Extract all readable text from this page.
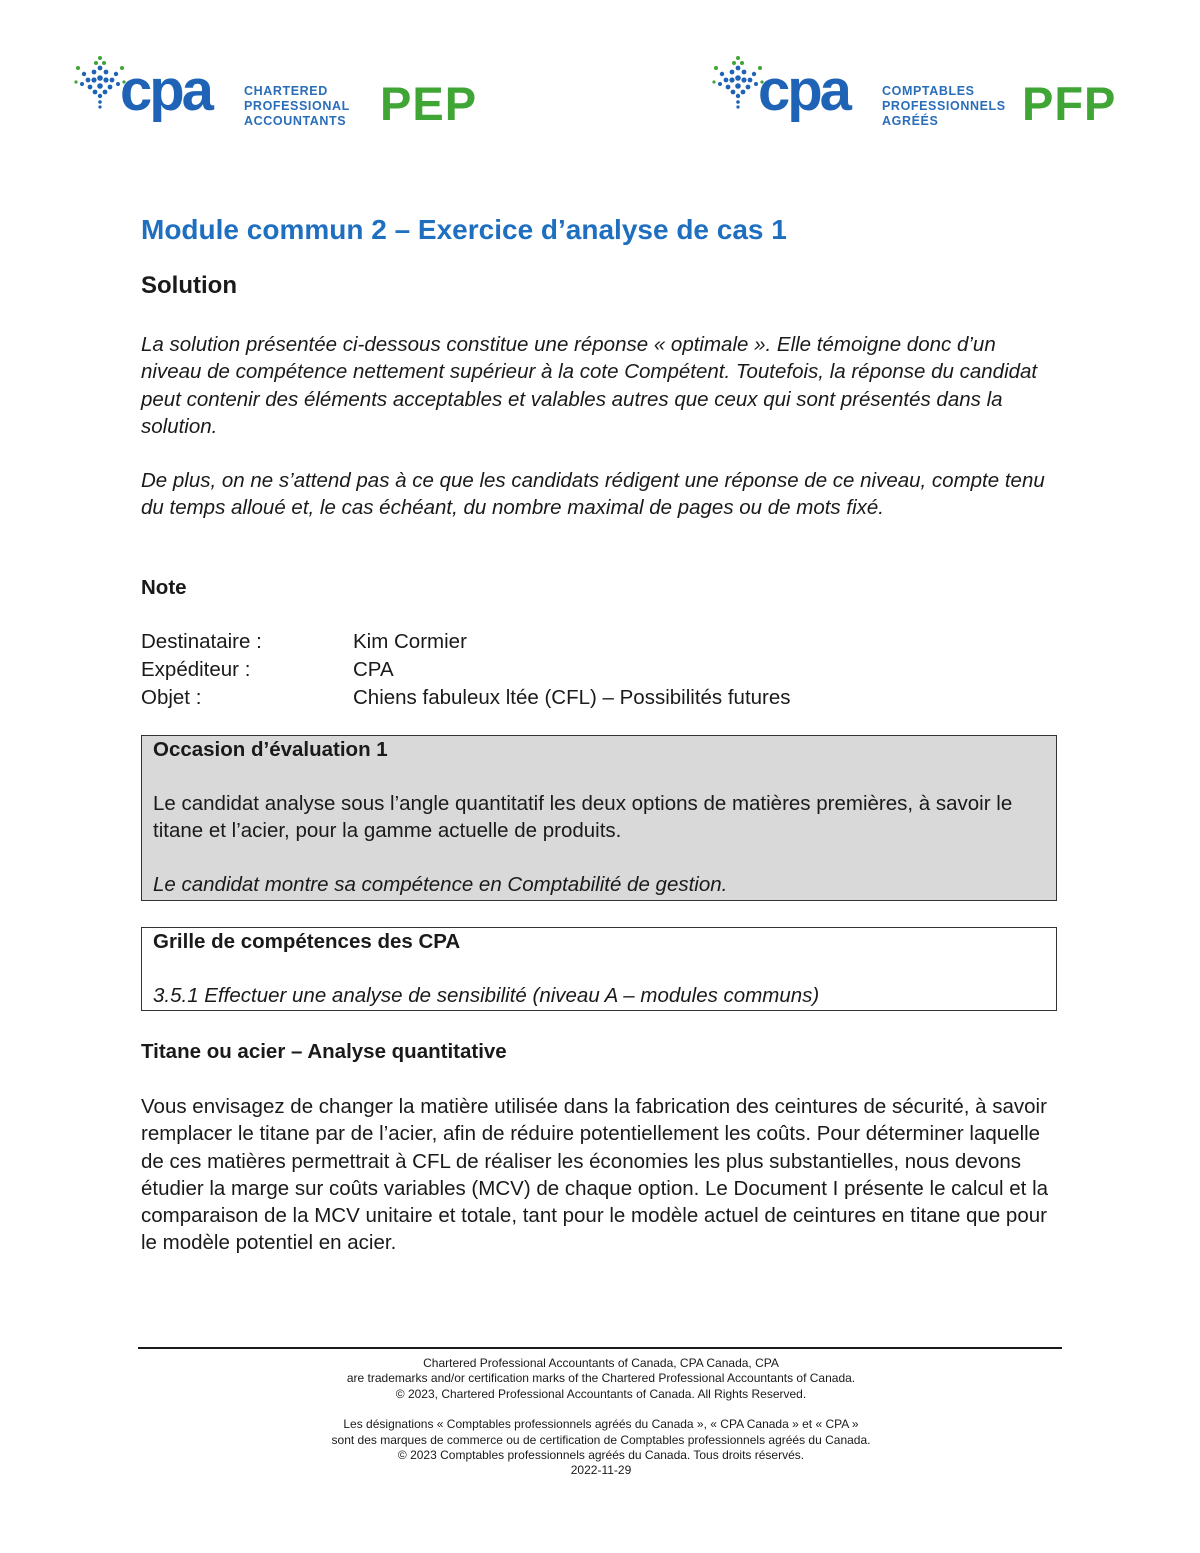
cpa	CHARTERED
PROFESSIONAL
ACCOUNTANTS PEP	cpa	COMPTABLES
PROFESSIONNELS
AGRÉÉS	PFP
Module commun 2 – Exercice d’analyse de cas 1
Solution
La solution présentée ci-dessous constitue une réponse « optimale ». Elle témoigne donc d’un niveau de compétence nettement supérieur à la cote Compétent. Toutefois, la réponse du candidat peut contenir des éléments acceptables et valables autres que ceux qui sont présentés dans la solution.
De plus, on ne s’attend pas à ce que les candidats rédigent une réponse de ce niveau, compte tenu du temps alloué et, le cas échéant, du nombre maximal de pages ou de mots fixé.
Note
Destinataire :	Kim Cormier
Expéditeur :	CPA
Objet :	Chiens fabuleux ltée (CFL) – Possibilités futures

Occasion d’évaluation 1

Le candidat analyse sous l’angle quantitatif les deux options de matières premières, à savoir le titane et l’acier, pour la gamme actuelle de produits.

Le candidat montre sa compétence en Comptabilité de gestion.

Grille de compétences des CPA

3.5.1 Effectuer une analyse de sensibilité (niveau A – modules communs)

Titane ou acier – Analyse quantitative
Vous envisagez de changer la matière utilisée dans la fabrication des ceintures de sécurité, à savoir remplacer le titane par de l’acier, afin de réduire potentiellement les coûts. Pour déterminer laquelle de ces matières permettrait à CFL de réaliser les économies les plus substantielles, nous devons étudier la marge sur coûts variables (MCV) de chaque option. Le Document I présente le calcul et la comparaison de la MCV unitaire et totale, tant pour le modèle actuel de ceintures en titane que pour le modèle potentiel en acier.
Chartered Professional Accountants of Canada, CPA Canada, CPA
are trademarks and/or certification marks of the Chartered Professional Accountants of Canada.
© 2023, Chartered Professional Accountants of Canada. All Rights Reserved.
Les désignations « Comptables professionnels agréés du Canada », « CPA Canada » et « CPA »
sont des marques de commerce ou de certification de Comptables professionnels agréés du Canada.
© 2023 Comptables professionnels agréés du Canada. Tous droits réservés.
2022-11-29
